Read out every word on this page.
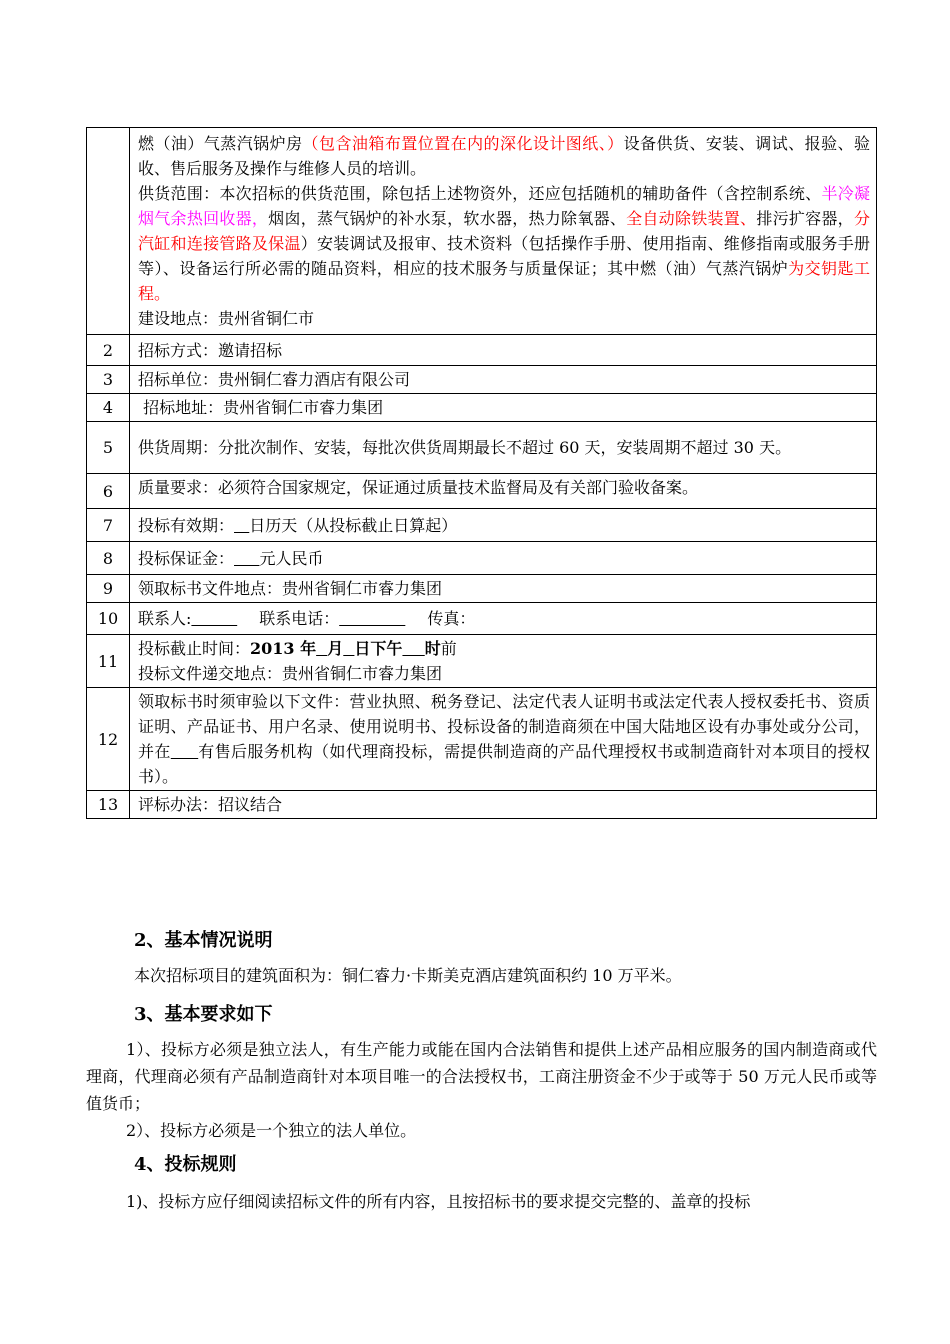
	燃（油）气蒸汽锅炉房（包含油箱布置位置在内的深化设计图纸、）设备供货、安装、调试、报验、验收、售后服务及操作与维修人员的培训。
供货范围：本次招标的供货范围，除包括上述物资外，还应包括随机的辅助备件（含控制系统、半冷凝烟气余热回收器，烟囱，蒸气锅炉的补水泵，软水器，热力除氧器、全自动除铁装置、排污扩容器，分汽缸和连接管路及保温）安装调试及报审、技术资料（包括操作手册、使用指南、维修指南或服务手册等）、设备运行所必需的随品资料，相应的技术服务与质量保证；其中燃（油）气蒸汽锅炉为交钥匙工程。
建设地点：贵州省铜仁市

2	招标方式：邀请招标
3	招标单位：贵州铜仁睿力酒店有限公司
4	招标地址：贵州省铜仁市睿力集团
5	供货周期：分批次制作、安装，每批次供货周期最长不超过 60 天，安装周期不超过 30 天。
6	质量要求：必须符合国家规定，保证通过质量技术监督局及有关部门验收备案。
7	投标有效期： 日历天（从投标截止日算起）
8	投标保证金： 元人民币
9	领取标书文件地点：贵州省铜仁市睿力集团
10	联系人: 联系电话： 传真：
11	投标截止时间：2013 年 月 日下午 时前
投标文件递交地点：贵州省铜仁市睿力集团

12	领取标书时须审验以下文件：营业执照、税务登记、法定代表人证明书或法定代表人授权委托书、资质证明、产品证书、用户名录、使用说明书、投标设备的制造商须在中国大陆地区设有办事处或分公司，并在 有售后服务机构（如代理商投标，需提供制造商的产品代理授权书或制造商针对本项目的授权书）。
13	评标办法：招议结合
2、基本情况说明
本次招标项目的建筑面积为：铜仁睿力·卡斯美克酒店建筑面积约 10 万平米。
3、基本要求如下
1）、投标方必须是独立法人，有生产能力或能在国内合法销售和提供上述产品相应服务的国内制造商或代理商，代理商必须有产品制造商针对本项目唯一的合法授权书，工商注册资金不少于或等于 50 万元人民币或等值货币；
2）、投标方必须是一个独立的法人单位。
4、投标规则
1)、投标方应仔细阅读招标文件的所有内容，且按招标书的要求提交完整的、盖章的投标
